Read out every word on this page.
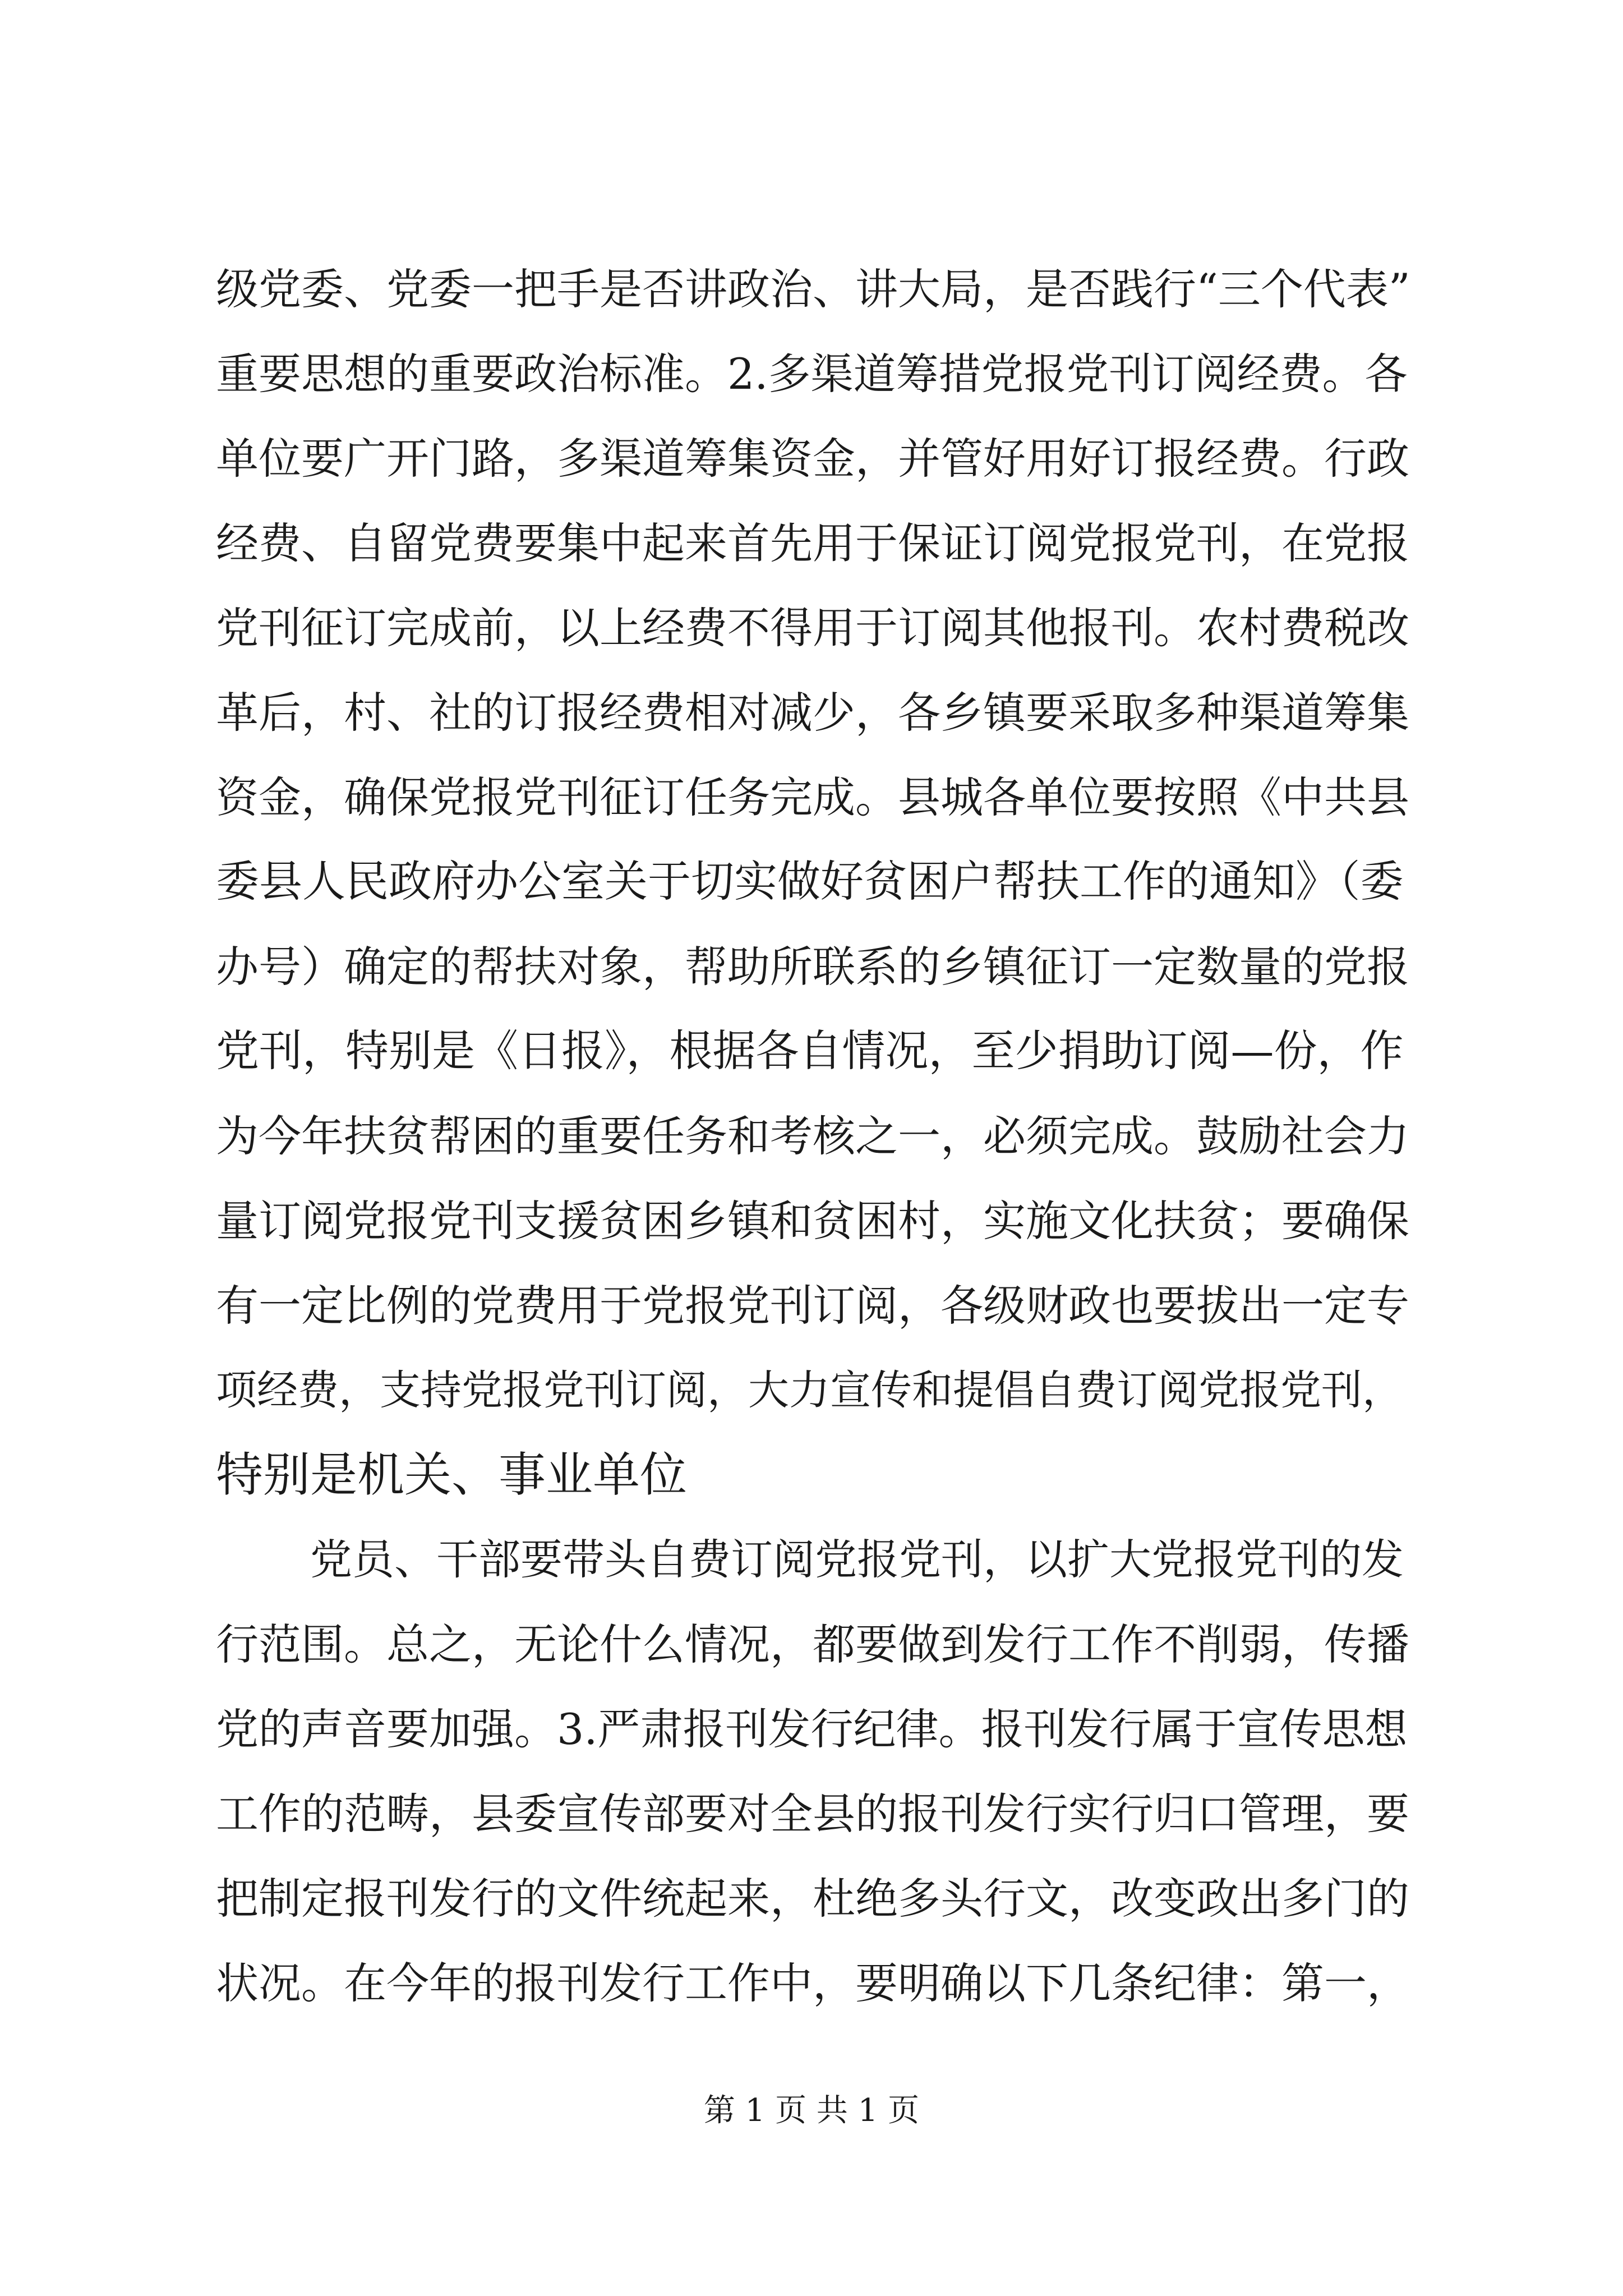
级党委、党委一把手是否讲政治、讲大局，是否践行“三个代表”
重要思想的重要政治标准。2.多渠道筹措党报党刊订阅经费。各
单位要广开门路，多渠道筹集资金，并管好用好订报经费。行政
经费、自留党费要集中起来首先用于保证订阅党报党刊，在党报
党刊征订完成前，以上经费不得用于订阅其他报刊。农村费税改
革后，村、社的订报经费相对减少，各乡镇要采取多种渠道筹集
资金，确保党报党刊征订任务完成。县城各单位要按照《中共县
委县人民政府办公室关于切实做好贫困户帮扶工作的通知》（委
办号）确定的帮扶对象，帮助所联系的乡镇征订一定数量的党报
党刊，特别是《日报》，根据各自情况，至少捐助订阅—份，作
为今年扶贫帮困的重要任务和考核之一，必须完成。鼓励社会力
量订阅党报党刊支援贫困乡镇和贫困村，实施文化扶贫；要确保
有一定比例的党费用于党报党刊订阅，各级财政也要拔出一定专
项经费，支持党报党刊订阅，大力宣传和提倡自费订阅党报党刊，
特别是机关、事业单位
党员、干部要带头自费订阅党报党刊，以扩大党报党刊的发
行范围。总之，无论什么情况，都要做到发行工作不削弱，传播
党的声音要加强。3.严肃报刊发行纪律。报刊发行属于宣传思想
工作的范畴，县委宣传部要对全县的报刊发行实行归口管理，要
把制定报刊发行的文件统起来，杜绝多头行文，改变政出多门的
状况。在今年的报刊发行工作中，要明确以下几条纪律：第一，
第 1 页 共 1 页
